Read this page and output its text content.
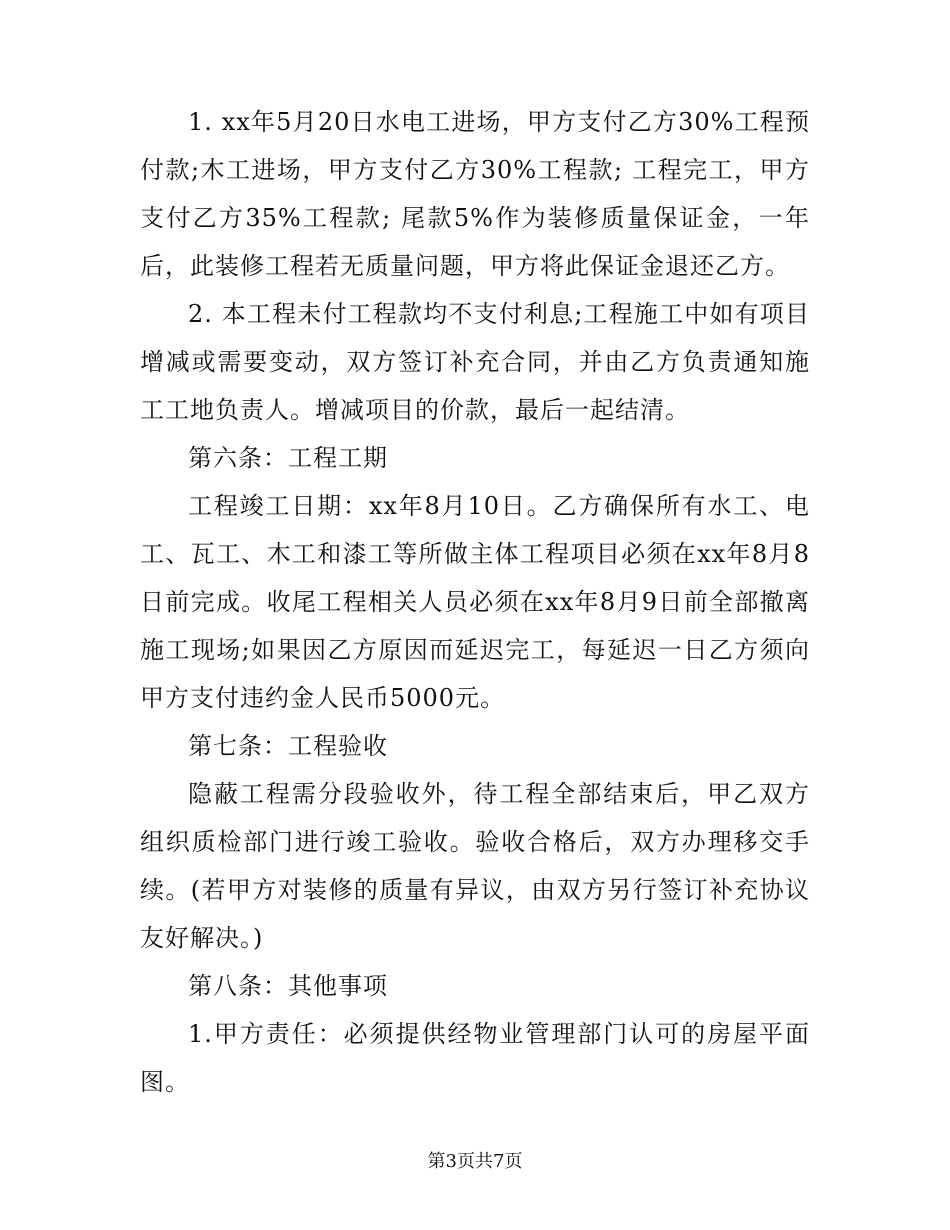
1. xx年5月20日水电工进场，甲方支付乙方30%工程预付款;木工进场，甲方支付乙方30%工程款; 工程完工，甲方支付乙方35%工程款; 尾款5%作为装修质量保证金，一年后，此装修工程若无质量问题，甲方将此保证金退还乙方。

2. 本工程未付工程款均不支付利息;工程施工中如有项目增减或需要变动，双方签订补充合同，并由乙方负责通知施工工地负责人。增减项目的价款，最后一起结清。

第六条：工程工期

工程竣工日期：xx年8月10日。乙方确保所有水工、电工、瓦工、木工和漆工等所做主体工程项目必须在xx年8月8日前完成。收尾工程相关人员必须在xx年8月9日前全部撤离施工现场;如果因乙方原因而延迟完工，每延迟一日乙方须向甲方支付违约金人民币5000元。

第七条：工程验收

隐蔽工程需分段验收外，待工程全部结束后，甲乙双方组织质检部门进行竣工验收。验收合格后，双方办理移交手续。(若甲方对装修的质量有异议，由双方另行签订补充协议友好解决。)

第八条：其他事项

1.甲方责任：必须提供经物业管理部门认可的房屋平面图。

第3页共7页
